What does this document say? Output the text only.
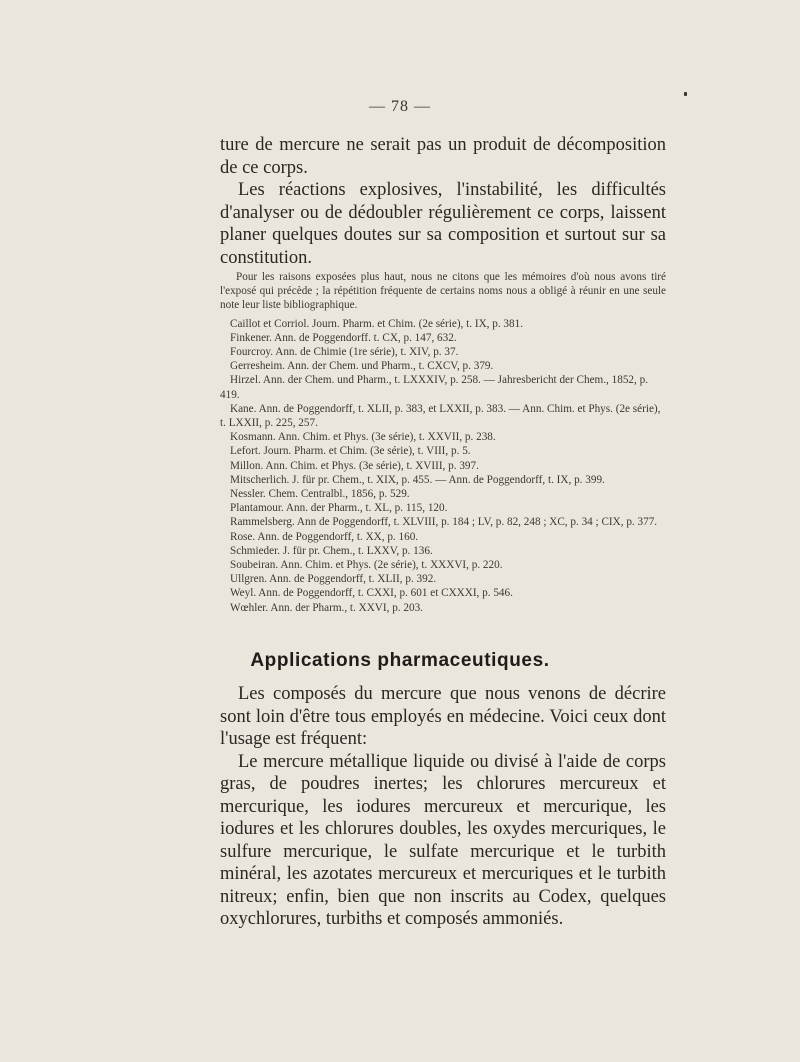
— 78 —

ture de mercure ne serait pas un produit de décomposition de ce corps.

Les réactions explosives, l'instabilité, les difficultés d'analyser ou de dédoubler régulièrement ce corps, laissent planer quelques doutes sur sa composition et surtout sur sa constitution.

Pour les raisons exposées plus haut, nous ne citons que les mémoires d'où nous avons tiré l'exposé qui précède ; la répétition fréquente de certains noms nous a obligé à réunir en une seule note leur liste bibliographique.

Caillot et Corriol. Journ. Pharm. et Chim. (2e série), t. IX, p. 381.

Finkener. Ann. de Poggendorff. t. CX, p. 147, 632.

Fourcroy. Ann. de Chimie (1re série), t. XIV, p. 37.

Gerresheim. Ann. der Chem. und Pharm., t. CXCV, p. 379.

Hirzel. Ann. der Chem. und Pharm., t. LXXXIV, p. 258. — Jahresbericht der Chem., 1852, p. 419.

Kane. Ann. de Poggendorff, t. XLII, p. 383, et LXXII, p. 383. — Ann. Chim. et Phys. (2e série), t. LXXII, p. 225, 257.

Kosmann. Ann. Chim. et Phys. (3e série), t. XXVII, p. 238.

Lefort. Journ. Pharm. et Chim. (3e série), t. VIII, p. 5.

Millon. Ann. Chim. et Phys. (3e série), t. XVIII, p. 397.

Mitscherlich. J. für pr. Chem., t. XIX, p. 455. — Ann. de Poggendorff, t. IX, p. 399.

Nessler. Chem. Centralbl., 1856, p. 529.

Plantamour. Ann. der Pharm., t. XL, p. 115, 120.

Rammelsberg. Ann de Poggendorff, t. XLVIII, p. 184 ; LV, p. 82, 248 ; XC, p. 34 ; CIX, p. 377.

Rose. Ann. de Poggendorff, t. XX, p. 160.

Schmieder. J. für pr. Chem., t. LXXV, p. 136.

Soubeiran. Ann. Chim. et Phys. (2e série), t. XXXVI, p. 220.

Ullgren. Ann. de Poggendorff, t. XLII, p. 392.

Weyl. Ann. de Poggendorff, t. CXXI, p. 601 et CXXXI, p. 546.

Wœhler. Ann. der Pharm., t. XXVI, p. 203.

Applications pharmaceutiques.

Les composés du mercure que nous venons de décrire sont loin d'être tous employés en médecine. Voici ceux dont l'usage est fréquent:

Le mercure métallique liquide ou divisé à l'aide de corps gras, de poudres inertes; les chlorures mercureux et mercurique, les iodures mercureux et mercurique, les iodures et les chlorures doubles, les oxydes mercuriques, le sulfure mercurique, le sulfate mercurique et le turbith minéral, les azotates mercureux et mercuriques et le turbith nitreux; enfin, bien que non inscrits au Codex, quelques oxychlorures, turbiths et composés ammoniés.
